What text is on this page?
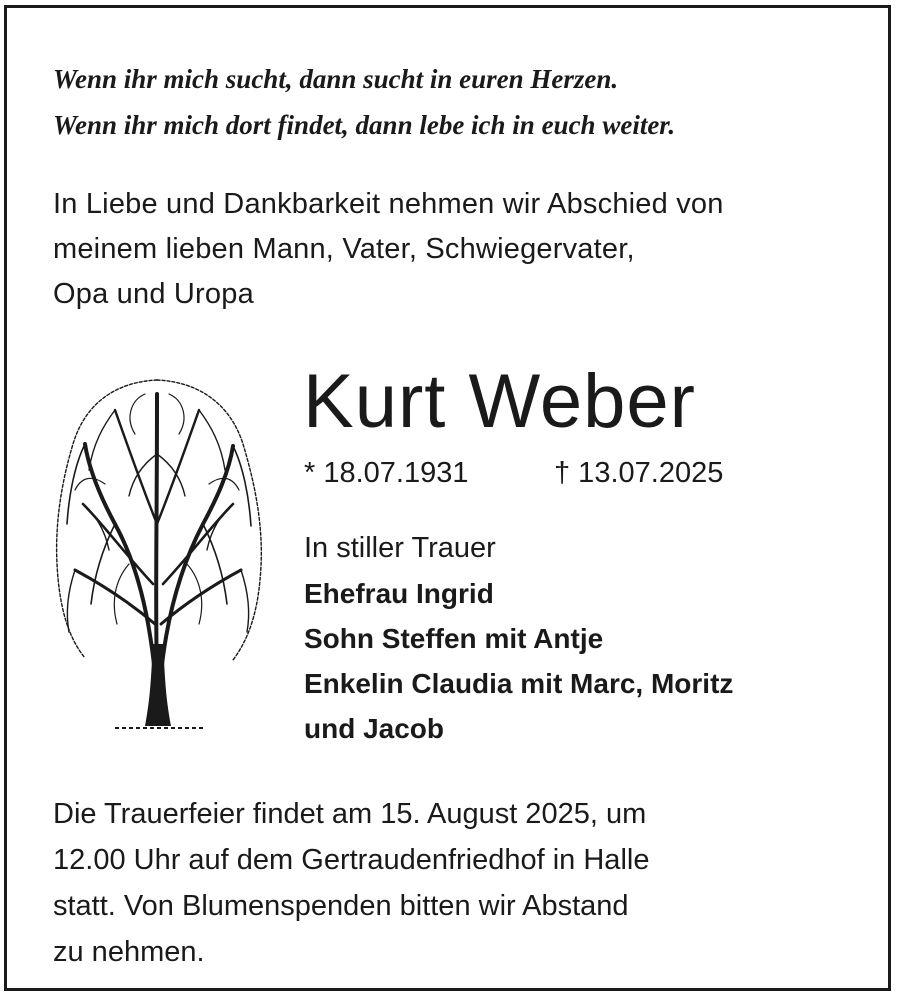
Wenn ihr mich sucht, dann sucht in euren Herzen.
Wenn ihr mich dort findet, dann lebe ich in euch weiter.

In Liebe und Dankbarkeit nehmen wir Abschied von
meinem lieben Mann, Vater, Schwiegervater,
Opa und Uropa

Kurt Weber
* 18.07.1931	† 13.07.2025
In stiller Trauer
Ehefrau Ingrid
Sohn Steffen mit Antje
Enkelin Claudia mit Marc, Moritz
und Jacob

Die Trauerfeier findet am 15. August 2025, um
12.00 Uhr auf dem Gertraudenfriedhof in Halle
statt. Von Blumenspenden bitten wir Abstand
zu nehmen.
